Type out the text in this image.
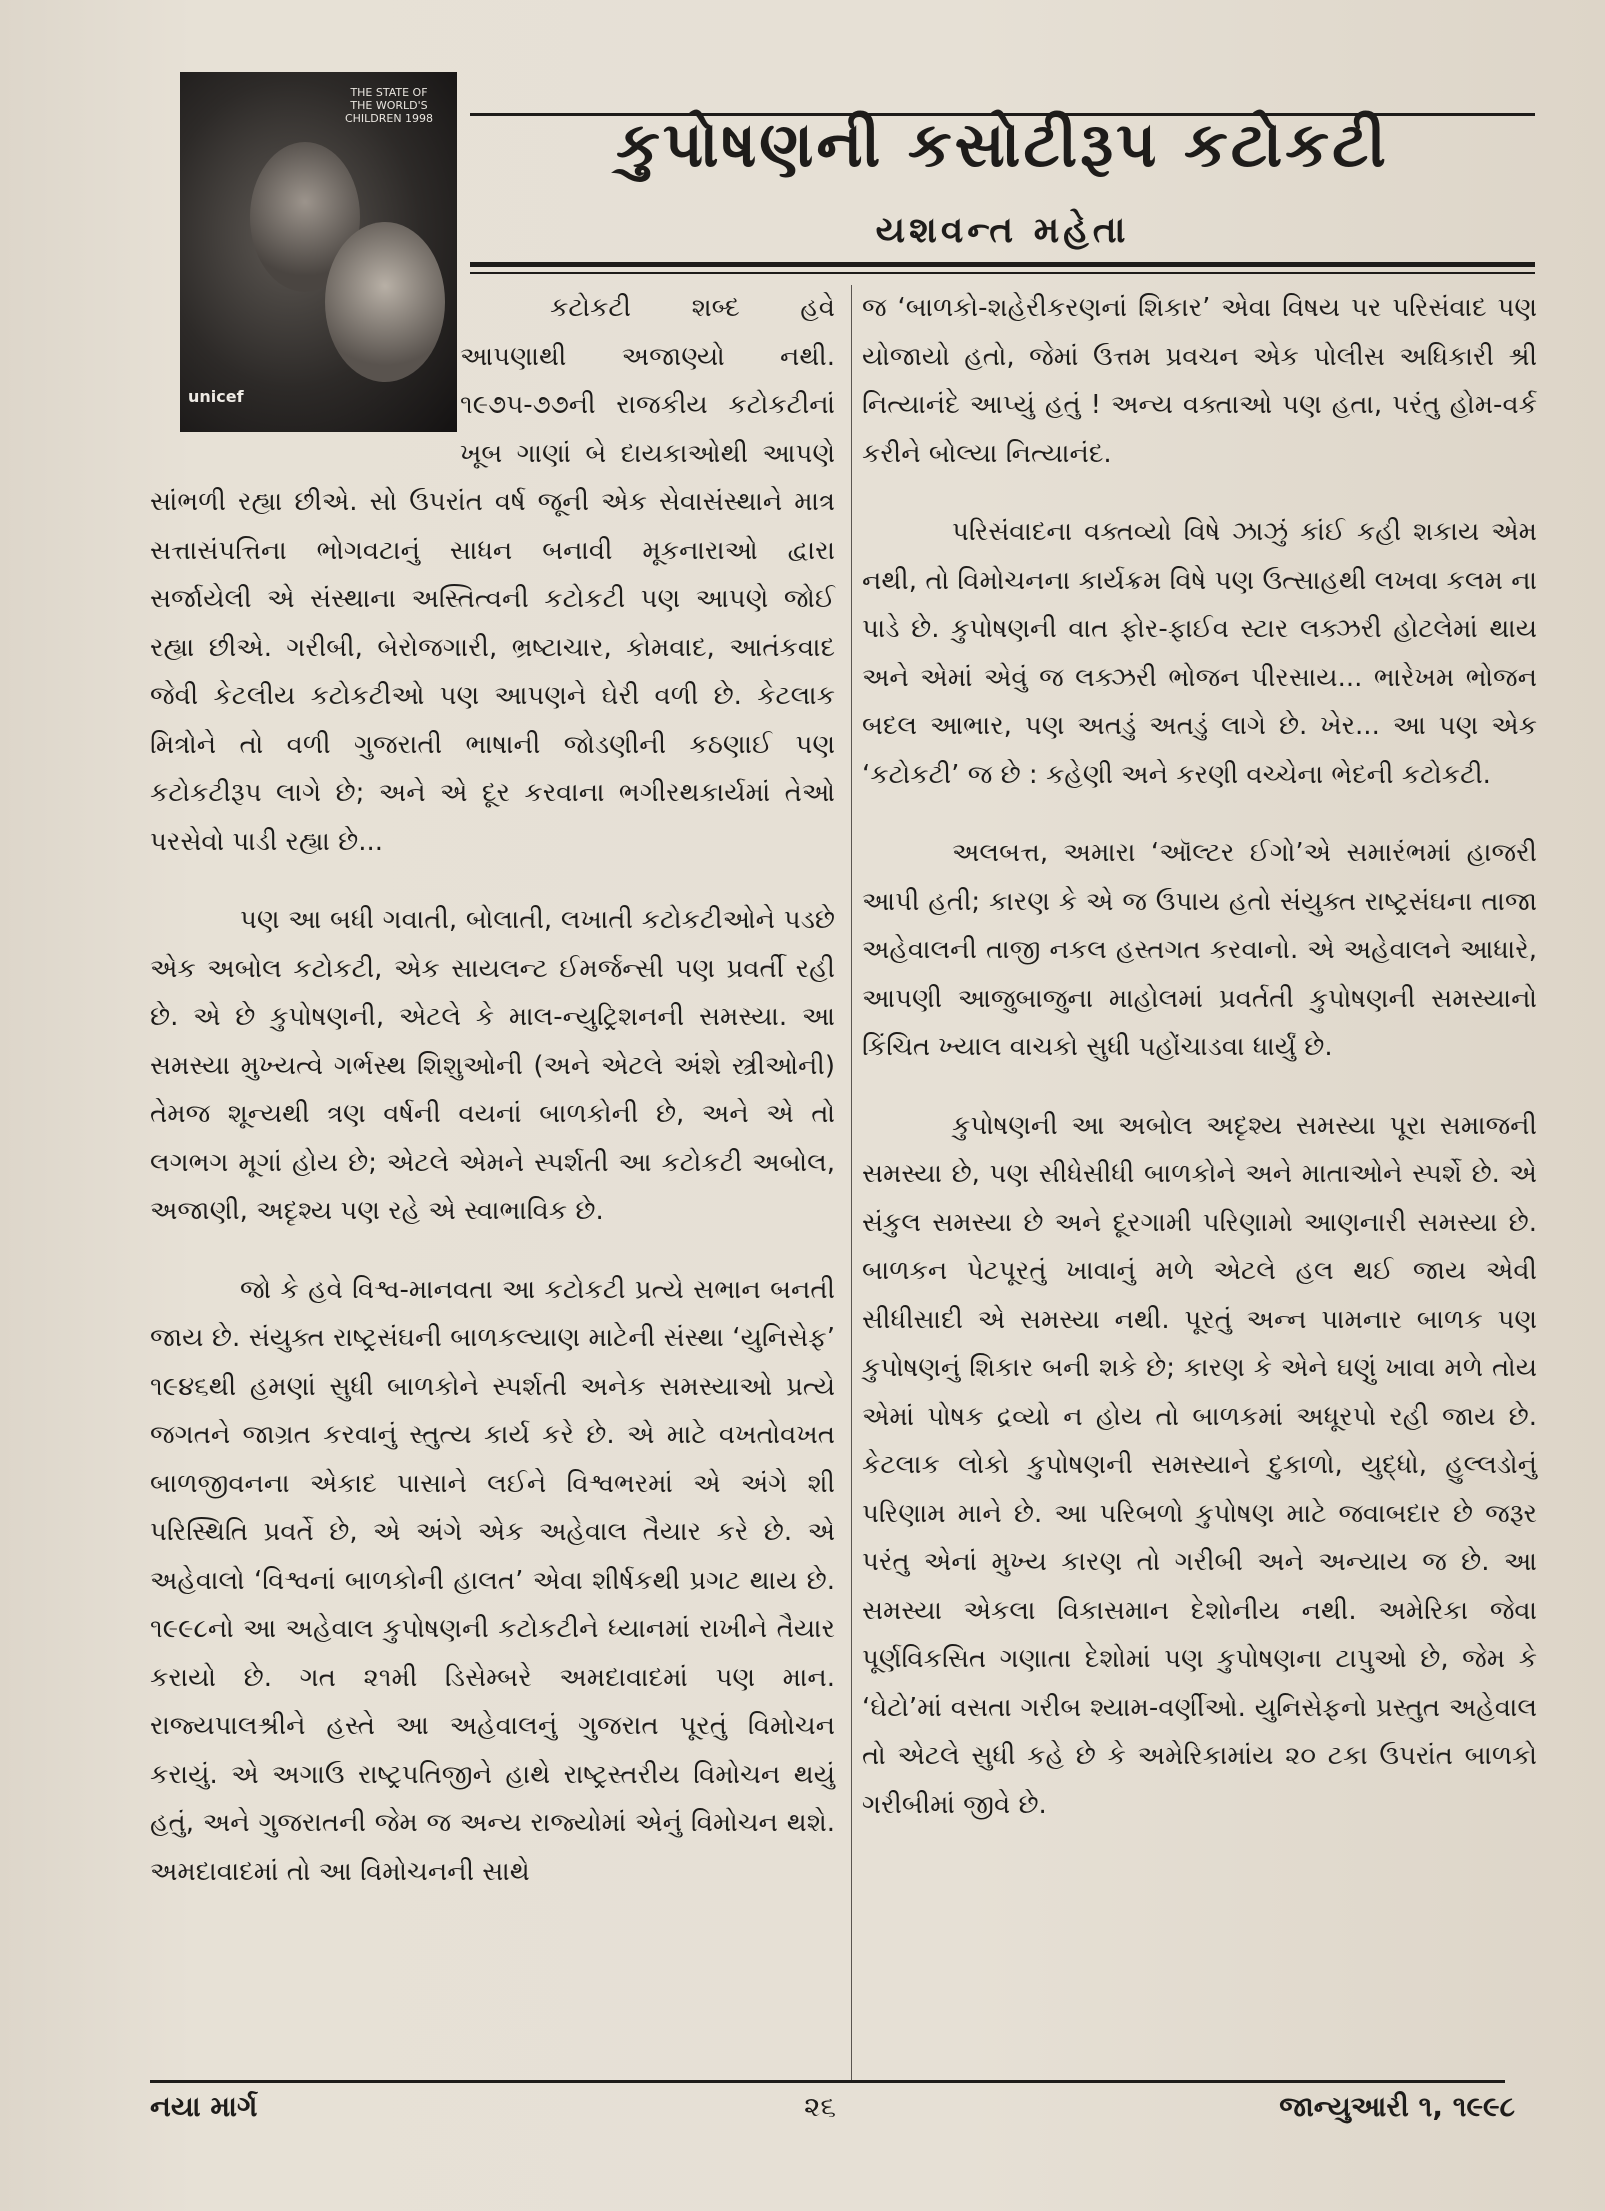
THE STATE OF THE WORLD'S CHILDREN 1998
unicef
કુપોષણની કસોટીરૂપ કટોકટી
યશવન્ત મહેતા

કટોકટી શબ્દ હવે આપણાથી અજાણ્યો નથી. ૧૯૭૫-૭૭ની રાજકીય કટોકટીનાં ખૂબ ગાણાં બે દાયકાઓથી આપણે સાંભળી રહ્યા છીએ. સો ઉપરાંત વર્ષ જૂની એક સેવાસંસ્થાને માત્ર સત્તાસંપત્તિના ભોગવટાનું સાધન બનાવી મૂકનારાઓ દ્વારા સર્જાયેલી એ સંસ્થાના અસ્તિત્વની કટોકટી પણ આપણે જોઈ રહ્યા છીએ. ગરીબી, બેરોજગારી, ભ્રષ્ટાચાર, કોમવાદ, આતંકવાદ જેવી કેટલીય કટોકટીઓ પણ આપણને ઘેરી વળી છે. કેટલાક મિત્રોને તો વળી ગુજરાતી ભાષાની જોડણીની કઠણાઈ પણ કટોકટીરૂપ લાગે છે; અને એ દૂર કરવાના ભગીરથકાર્યમાં તેઓ પરસેવો પાડી રહ્યા છે...

પણ આ બધી ગવાતી, બોલાતી, લખાતી કટોકટીઓને પડછે એક અબોલ કટોકટી, એક સાયલન્ટ ઈમર્જન્સી પણ પ્રવર્તી રહી છે. એ છે કુપોષણની, એટલે કે માલ-ન્યુટ્રિશનની સમસ્યા. આ સમસ્યા મુખ્યત્વે ગર્ભસ્થ શિશુઓની (અને એટલે અંશે સ્ત્રીઓની) તેમજ શૂન્યથી ત્રણ વર્ષની વયનાં બાળકોની છે, અને એ તો લગભગ મૂગાં હોય છે; એટલે એમને સ્પર્શતી આ કટોકટી અબોલ, અજાણી, અદૃશ્ય પણ રહે એ સ્વાભાવિક છે.

જો કે હવે વિશ્વ-માનવતા આ કટોકટી પ્રત્યે સભાન બનતી જાય છે. સંયુક્ત રાષ્ટ્રસંઘની બાળકલ્યાણ માટેની સંસ્થા ‘યુનિસેફ’ ૧૯૪૬થી હમણાં સુધી બાળકોને સ્પર્શતી અનેક સમસ્યાઓ પ્રત્યે જગતને જાગ્રત કરવાનું સ્તુત્ય કાર્ય કરે છે. એ માટે વખતોવખત બાળજીવનના એકાદ પાસાને લઈને વિશ્વભરમાં એ અંગે શી પરિસ્થિતિ પ્રવર્તે છે, એ અંગે એક અહેવાલ તૈયાર કરે છે. એ અહેવાલો ‘વિશ્વનાં બાળકોની હાલત’ એવા શીર્ષકથી પ્રગટ થાય છે. ૧૯૯૮નો આ અહેવાલ કુપોષણની કટોકટીને ધ્યાનમાં રાખીને તૈયાર કરાયો છે. ગત ૨૧મી ડિસેમ્બરે અમદાવાદમાં પણ માન. રાજ્યપાલશ્રીને હસ્તે આ અહેવાલનું ગુજરાત પૂરતું વિમોચન કરાયું. એ અગાઉ રાષ્ટ્રપતિજીને હાથે રાષ્ટ્રસ્તરીય વિમોચન થયું હતું, અને ગુજરાતની જેમ જ અન્ય રાજ્યોમાં એનું વિમોચન થશે. અમદાવાદમાં તો આ વિમોચનની સાથે

જ ‘બાળકો-શહેરીકરણનાં શિકાર’ એવા વિષય પર પરિસંવાદ પણ યોજાયો હતો, જેમાં ઉત્તમ પ્રવચન એક પોલીસ અધિકારી શ્રી નિત્યાનંદે આપ્યું હતું ! અન્ય વક્તાઓ પણ હતા, પરંતુ હોમ-વર્ક કરીને બોલ્યા નિત્યાનંદ.

પરિસંવાદના વક્તવ્યો વિષે ઝાઝું કાંઈ કહી શકાય એમ નથી, તો વિમોચનના કાર્યક્રમ વિષે પણ ઉત્સાહથી લખવા કલમ ના પાડે છે. કુપોષણની વાત ફોર-ફાઈવ સ્ટાર લક્ઝરી હોટલેમાં થાય અને એમાં એવું જ લક્ઝરી ભોજન પીરસાય... ભારેખમ ભોજન બદલ આભાર, પણ અતડું અતડું લાગે છે. ખેર... આ પણ એક ‘કટોકટી’ જ છે : કહેણી અને કરણી વચ્ચેના ભેદની કટોકટી.

અલબત્ત, અમારા ‘ઑલ્ટર ઈગો’એ સમારંભમાં હાજરી આપી હતી; કારણ કે એ જ ઉપાય હતો સંયુક્ત રાષ્ટ્રસંઘના તાજા અહેવાલની તાજી નકલ હસ્તગત કરવાનો. એ અહેવાલને આધારે, આપણી આજુબાજુના માહોલમાં પ્રવર્તતી કુપોષણની સમસ્યાનો કિંચિત ખ્યાલ વાચકો સુધી પહોંચાડવા ધાર્યું છે.

કુપોષણની આ અબોલ અદૃશ્ય સમસ્યા પૂરા સમાજની સમસ્યા છે, પણ સીધેસીધી બાળકોને અને માતાઓને સ્પર્શે છે. એ સંકુલ સમસ્યા છે અને દૂરગામી પરિણામો આણનારી સમસ્યા છે. બાળકન પેટપૂરતું ખાવાનું મળે એટલે હલ થઈ જાય એવી સીધીસાદી એ સમસ્યા નથી. પૂરતું અન્ન પામનાર બાળક પણ કુપોષણનું શિકાર બની શકે છે; કારણ કે એને ઘણું ખાવા મળે તોય એમાં પોષક દ્રવ્યો ન હોય તો બાળકમાં અધૂરપો રહી જાય છે. કેટલાક લોકો કુપોષણની સમસ્યાને દુકાળો, યુદ્ધો, હુલ્લડોનું પરિણામ માને છે. આ પરિબળો કુપોષણ માટે જવાબદાર છે જરૂર પરંતુ એનાં મુખ્ય કારણ તો ગરીબી અને અન્યાય જ છે. આ સમસ્યા એકલા વિકાસમાન દેશોનીય નથી. અમેરિકા જેવા પૂર્ણવિકસિત ગણાતા દેશોમાં પણ કુપોષણના ટાપુઓ છે, જેમ કે ‘ઘેટો’માં વસતા ગરીબ શ્યામ-વર્ણીઓ. યુનિસેફનો પ્રસ્તુત અહેવાલ તો એટલે સુધી કહે છે કે અમેરિકામાંય ૨૦ ટકા ઉપરાંત બાળકો ગરીબીમાં જીવે છે.

નયા માર્ગ	૨૬	જાન્યુઆરી ૧, ૧૯૯૮
